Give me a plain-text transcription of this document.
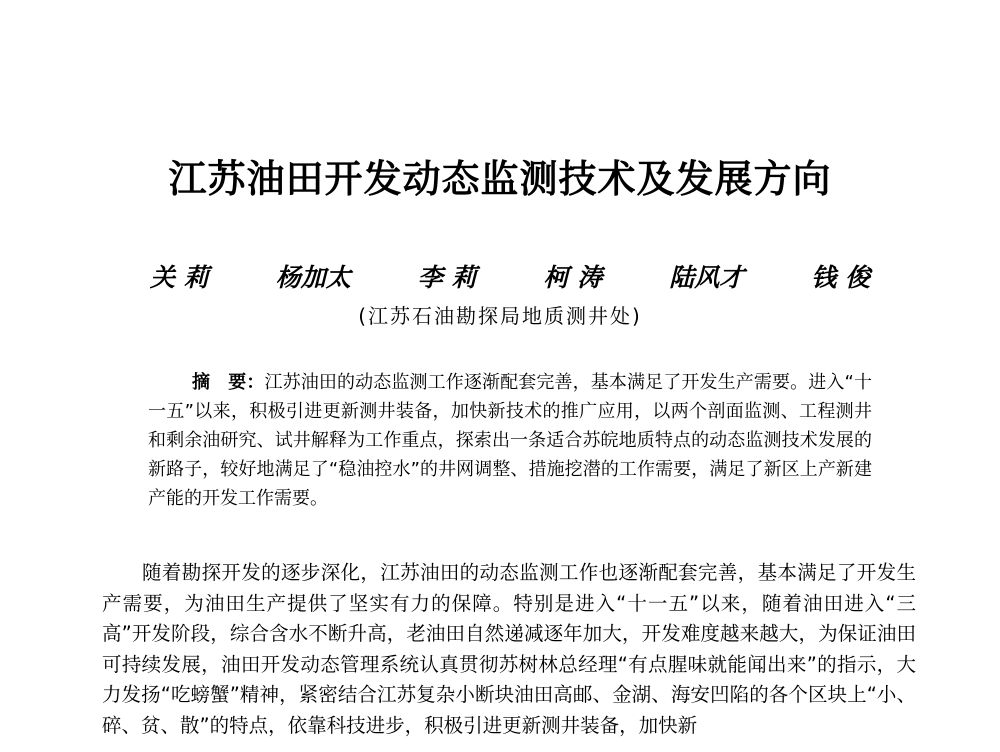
江苏油田开发动态监测技术及发展方向
关 莉	杨加太	李 莉	柯 涛	陆风才	钱 俊
(江苏石油勘探局地质测井处)
摘　要：江苏油田的动态监测工作逐渐配套完善，基本满足了开发生产需要。进入“十一五”以来，积极引进更新测井装备，加快新技术的推广应用，以两个剖面监测、工程测井和剩余油研究、试井解释为工作重点，探索出一条适合苏皖地质特点的动态监测技术发展的新路子，较好地满足了“稳油控水”的井网调整、措施挖潜的工作需要，满足了新区上产新建产能的开发工作需要。
随着勘探开发的逐步深化，江苏油田的动态监测工作也逐渐配套完善，基本满足了开发生产需要，为油田生产提供了坚实有力的保障。特别是进入“十一五”以来，随着油田进入“三高”开发阶段，综合含水不断升高，老油田自然递减逐年加大，开发难度越来越大，为保证油田可持续发展，油田开发动态管理系统认真贯彻苏树林总经理“有点腥味就能闻出来”的指示，大力发扬“吃螃蟹”精神，紧密结合江苏复杂小断块油田高邮、金湖、海安凹陷的各个区块上“小、碎、贫、散”的特点，依靠科技进步，积极引进更新测井装备，加快新
